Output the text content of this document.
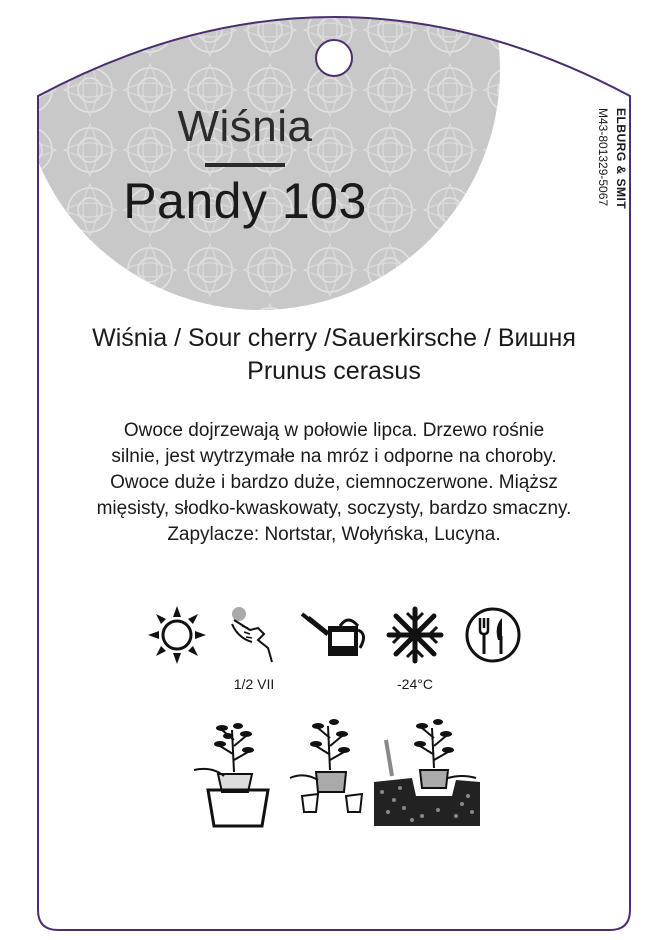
Wiśnia
Pandy 103	ELBURG & SMIT
M43-801329-5067
Wiśnia / Sour cherry /Sauerkirsche / Вишня
Prunus cerasus
Owoce dojrzewają w połowie lipca. Drzewo rośnie
silnie, jest wytrzymałe na mróz i odporne na choroby.
Owoce duże i bardzo duże, ciemnoczerwone. Miąższ
mięsisty, słodko-kwaskowaty, soczysty, bardzo smaczny.
Zapylacze: Nortstar, Wołyńska, Lucyna.
1/2 VII	-24°C
